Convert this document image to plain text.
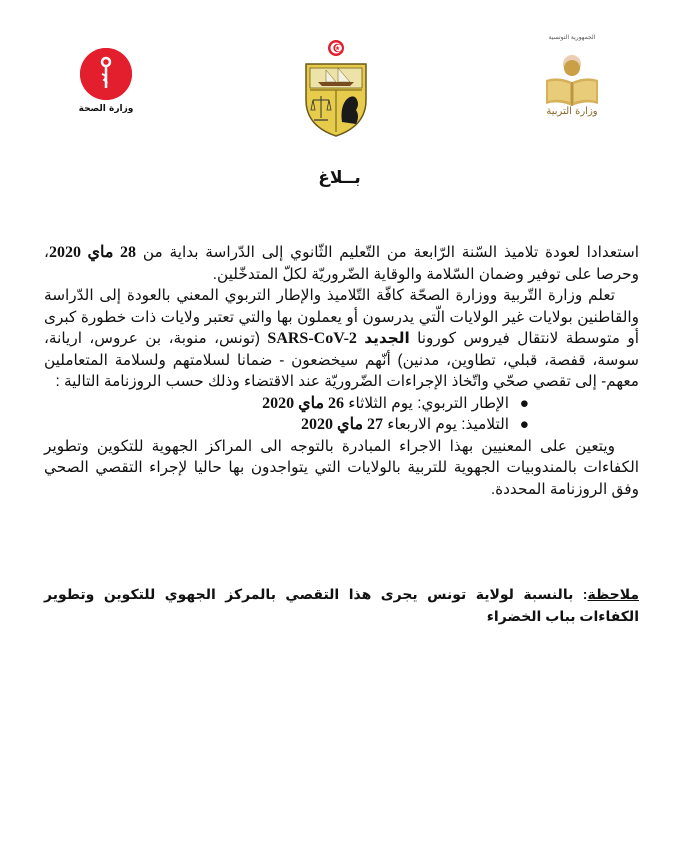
وزارة الصحة
الجمهورية التونسية
وزارة التربية
بــلاغ

استعدادا لعودة تلاميذ السّنة الرّابعة من التّعليم الثّانوي إلى الدّراسة بداية من 28 ماي 2020، وحرصا على توفير وضمان السّلامة والوقاية الضّروريّة لكلّ المتدخّلين.

تعلم وزارة التّربية ووزارة الصحّة كافّة التّلاميذ والإطار التربوي المعني بالعودة إلى الدّراسة والقاطنين بولايات غير الولايات الّتي يدرسون أو يعملون بها والتي تعتبر ولايات ذات خطورة كبرى أو متوسطة لانتقال فيروس كورونا الجديد SARS-CoV-2 (تونس، منوبة، بن عروس، اريانة، سوسة، قفصة، قبلي، تطاوين، مدنين) أنّهم سيخضعون - ضمانا لسلامتهم ولسلامة المتعاملين معهم- إلى تقصي صحّي واتّخاذ الإجراءات الضّروريّة عند الاقتضاء وذلك حسب الروزنامة التالية :

●
الإطار التربوي: يوم الثلاثاء 26 ماي 2020
●
التلاميذ: يوم الاربعاء 27 ماي 2020

ويتعين على المعنيين بهذا الاجراء المبادرة بالتوجه الى المراكز الجهوية للتكوين وتطوير الكفاءات بالمندوبيات الجهوية للتربية بالولايات التي يتواجدون بها حاليا لإجراء التقصي الصحي وفق الروزنامة المحددة.

ملاحظة: بالنسبة لولاية تونس يجرى هذا التقصي بالمركز الجهوي للتكوين وتطوير الكفاءات بباب الخضراء
